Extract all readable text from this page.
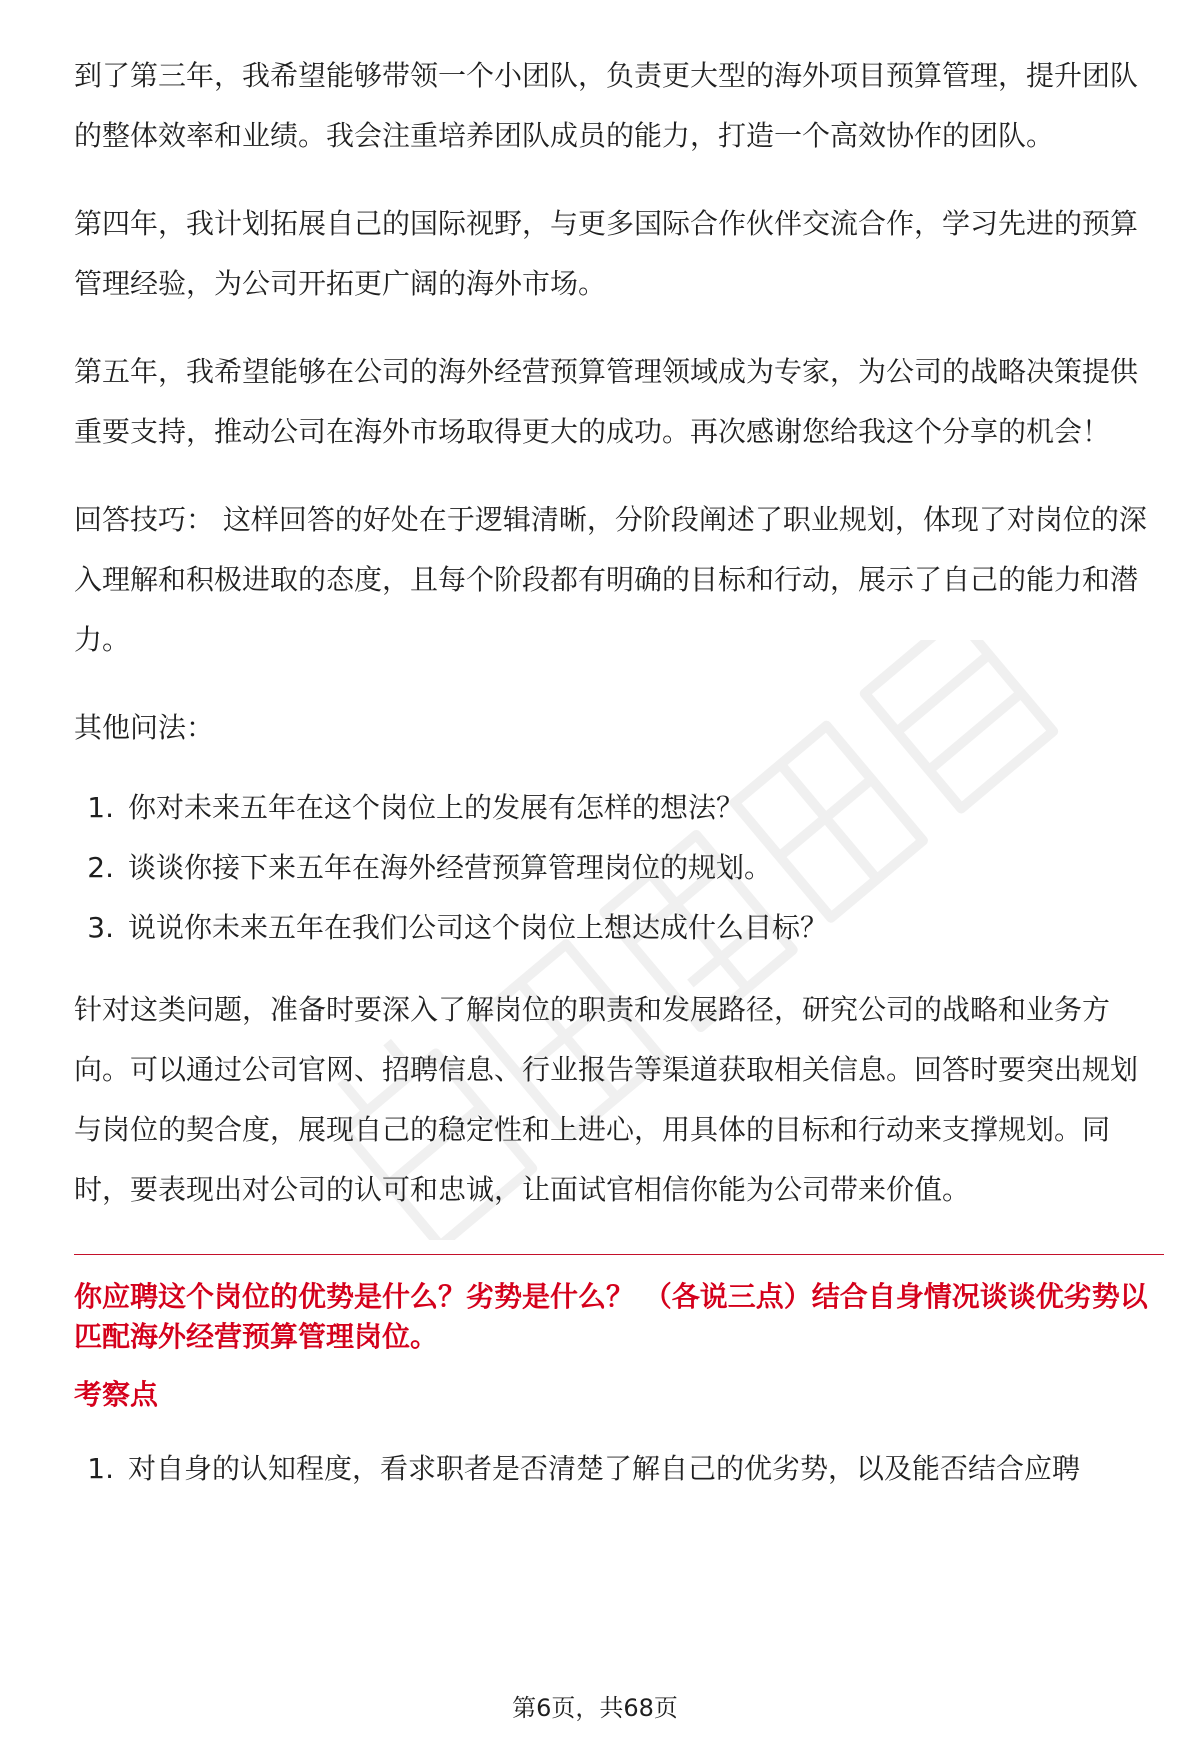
到了第三年，我希望能够带领一个小团队，负责更大型的海外项目预算管理，提升团队的整体效率和业绩。我会注重培养团队成员的能力，打造一个高效协作的团队。

第四年，我计划拓展自己的国际视野，与更多国际合作伙伴交流合作，学习先进的预算管理经验，为公司开拓更广阔的海外市场。

第五年，我希望能够在公司的海外经营预算管理领域成为专家，为公司的战略决策提供重要支持，推动公司在海外市场取得更大的成功。再次感谢您给我这个分享的机会！

回答技巧： 这样回答的好处在于逻辑清晰，分阶段阐述了职业规划，体现了对岗位的深入理解和积极进取的态度，且每个阶段都有明确的目标和行动，展示了自己的能力和潜力。

其他问法：

1. 你对未来五年在这个岗位上的发展有怎样的想法？
2. 谈谈你接下来五年在海外经营预算管理岗位的规划。
3. 说说你未来五年在我们公司这个岗位上想达成什么目标？

针对这类问题，准备时要深入了解岗位的职责和发展路径，研究公司的战略和业务方向。可以通过公司官网、招聘信息、行业报告等渠道获取相关信息。回答时要突出规划与岗位的契合度，展现自己的稳定性和上进心，用具体的目标和行动来支撑规划。同时，要表现出对公司的认可和忠诚，让面试官相信你能为公司带来价值。

你应聘这个岗位的优势是什么？劣势是什么？ （各说三点）结合自身情况谈谈优劣势以匹配海外经营预算管理岗位。

考察点

1. 对自身的认知程度，看求职者是否清楚了解自己的优劣势，以及能否结合应聘
第6页，共68页
